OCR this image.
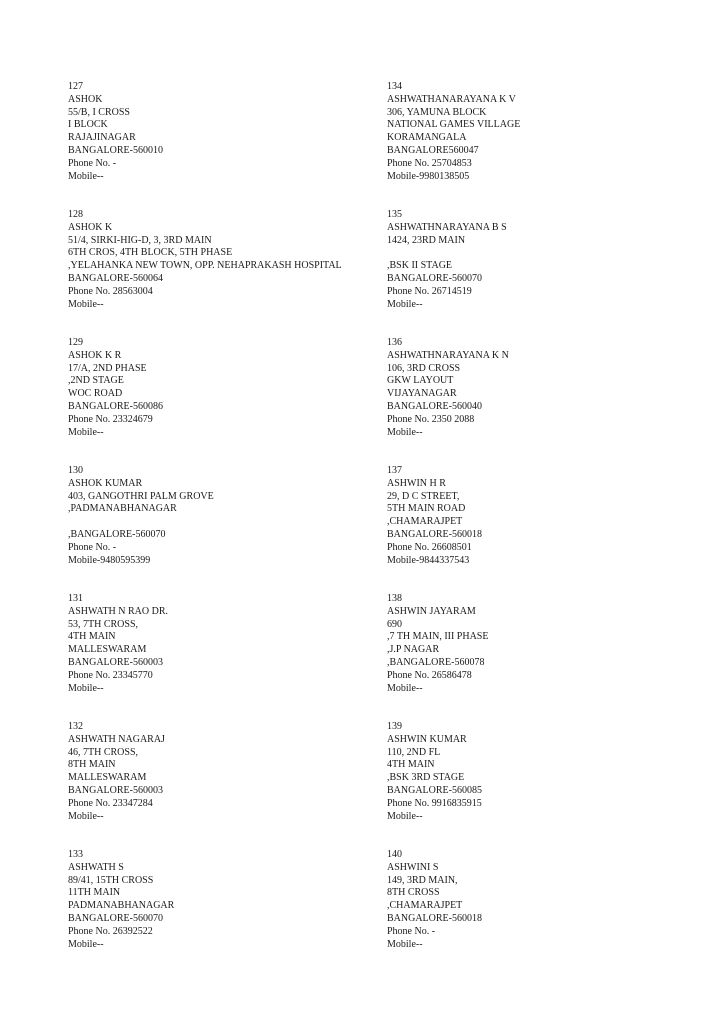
127
ASHOK
55/B, I CROSS
I BLOCK
RAJAJINAGAR
BANGALORE-560010
Phone No. -
Mobile--
128
ASHOK K
51/4, SIRKI-HIG-D, 3, 3RD MAIN
6TH CROS, 4TH BLOCK, 5TH PHASE
,YELAHANKA NEW TOWN, OPP. NEHAPRAKASH HOSPITAL
BANGALORE-560064
Phone No. 28563004
Mobile--
129
ASHOK K R
17/A, 2ND PHASE
,2ND STAGE
WOC ROAD
BANGALORE-560086
Phone No. 23324679
Mobile--
130
ASHOK KUMAR
403, GANGOTHRI PALM GROVE
,PADMANABHANAGAR
,BANGALORE-560070
Phone No. -
Mobile-9480595399
131
ASHWATH N RAO DR.
53, 7TH CROSS,
4TH MAIN
MALLESWARAM
BANGALORE-560003
Phone No. 23345770
Mobile--
132
ASHWATH NAGARAJ
46, 7TH CROSS,
8TH MAIN
MALLESWARAM
BANGALORE-560003
Phone No. 23347284
Mobile--
133
ASHWATH S
89/41, 15TH CROSS
11TH MAIN
PADMANABHANAGAR
BANGALORE-560070
Phone No. 26392522
Mobile--
134
ASHWATHANARAYANA K V
306, YAMUNA BLOCK
NATIONAL GAMES VILLAGE
KORAMANGALA
BANGALORE560047
Phone No. 25704853
Mobile-9980138505
135
ASHWATHNARAYANA B S
1424, 23RD MAIN
,BSK II STAGE
BANGALORE-560070
Phone No. 26714519
Mobile--
136
ASHWATHNARAYANA K N
106, 3RD CROSS
GKW LAYOUT
VIJAYANAGAR
BANGALORE-560040
Phone No. 2350 2088
Mobile--
137
ASHWIN H R
29, D C STREET,
5TH MAIN ROAD
,CHAMARAJPET
BANGALORE-560018
Phone No. 26608501
Mobile-9844337543
138
ASHWIN JAYARAM
690
,7 TH MAIN, III PHASE
,J.P NAGAR
,BANGALORE-560078
Phone No. 26586478
Mobile--
139
ASHWIN KUMAR
110, 2ND FL
4TH MAIN
,BSK 3RD STAGE
BANGALORE-560085
Phone No. 9916835915
Mobile--
140
ASHWINI S
149, 3RD MAIN,
8TH CROSS
,CHAMARAJPET
BANGALORE-560018
Phone No. -
Mobile--
